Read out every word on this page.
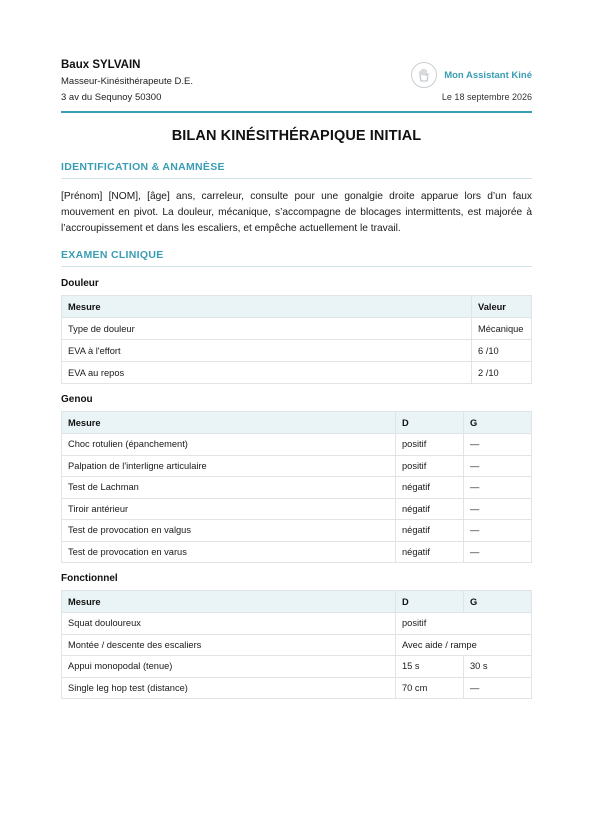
Baux SYLVAIN
Masseur-Kinésithérapeute D.E.
3 av du Sequnoy 50300
Mon Assistant Kiné
Le 18 septembre 2026
BILAN KINÉSITHÉRAPIQUE INITIAL
IDENTIFICATION & ANAMNÈSE

[Prénom] [NOM], [âge] ans, carreleur, consulte pour une gonalgie droite apparue lors d’un faux mouvement en pivot. La douleur, mécanique, s’accompagne de blocages intermittents, est majorée à l’accroupissement et dans les escaliers, et empêche actuellement le travail.

EXAMEN CLINIQUE
Douleur
Mesure	Valeur
Type de douleur	Mécanique
EVA à l'effort	6 /10
EVA au repos	2 /10
Genou
Mesure	D	G
Choc rotulien (épanchement)	positif	—
Palpation de l'interligne articulaire	positif	—
Test de Lachman	négatif	—
Tiroir antérieur	négatif	—
Test de provocation en valgus	négatif	—
Test de provocation en varus	négatif	—
Fonctionnel
Mesure	D	G
Squat douloureux	positif	
Montée / descente des escaliers	Avec aide / rampe	
Appui monopodal (tenue)	15 s	30 s
Single leg hop test (distance)	70 cm	—
